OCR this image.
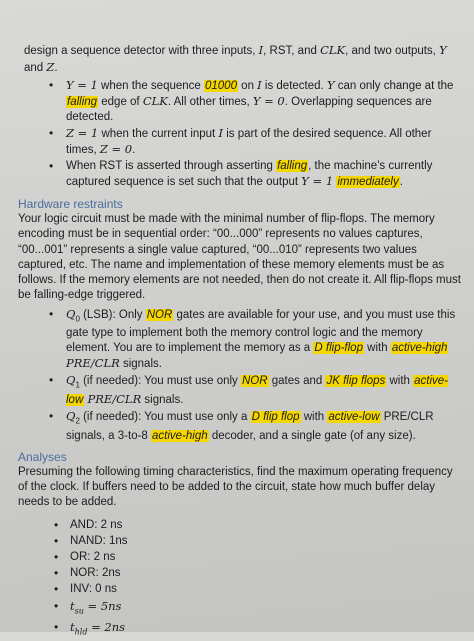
design a sequence detector with three inputs, I, RST, and CLK, and two outputs, Y and Z.

• Y = 1 when the sequence 01000 on I is detected. Y can only change at the falling edge of CLK. All other times, Y = 0. Overlapping sequences are detected.
• Z = 1 when the current input I is part of the desired sequence. All other times, Z = 0.
• When RST is asserted through asserting falling, the machine's currently captured sequence is set such that the output Y = 1 immediately.

Hardware restraints

Your logic circuit must be made with the minimal number of flip-flops. The memory encoding must be in sequential order: “00...000” represents no values captures, “00...001” represents a single value captured, “00...010” represents two values captured, etc. The name and implementation of these memory elements must be as follows. If the memory elements are not needed, then do not create it. All flip-flops must be falling-edge triggered.

• $Q_0$ (LSB): Only NOR gates are available for your use, and you must use this gate type to implement both the memory control logic and the memory element. You are to implement the memory as a D flip-flop with active-high PRE/CLR signals.
• $Q_1$ (if needed): You must use only NOR gates and JK flip flops with active-low PRE/CLR signals.
• $Q_2$ (if needed): You must use only a D flip flop with active-low PRE/CLR signals, a 3-to-8 active-high decoder, and a single gate (of any size).

Analyses

Presuming the following timing characteristics, find the maximum operating frequency of the clock. If buffers need to be added to the circuit, state how much buffer delay needs to be added.

• AND: 2 ns
• NAND: 1ns
• OR: 2 ns
• NOR: 2ns
• INV: 0 ns
• $t_{su} = 5ns$
• $t_{hld} = 2ns$
